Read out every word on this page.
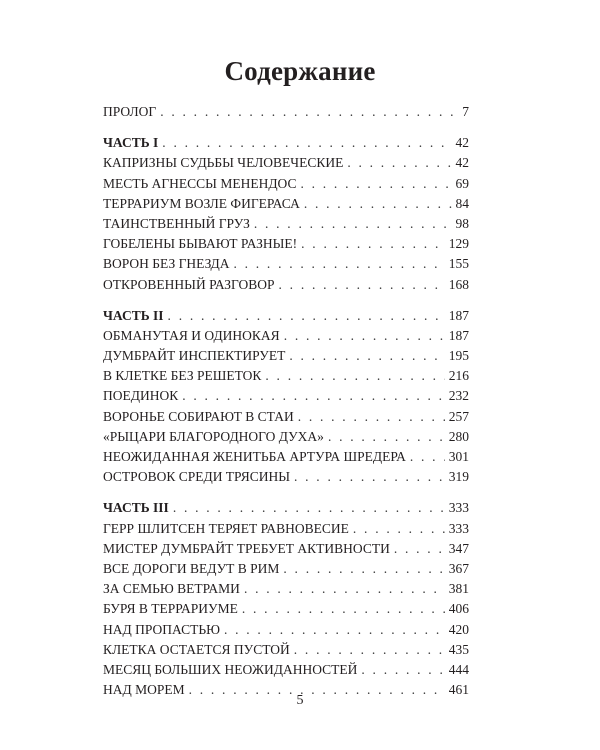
Содержание
ПРОЛОГ . . .	7
ЧАСТЬ I . . .	42
КАПРИЗНЫ СУДЬБЫ ЧЕЛОВЕЧЕСКИЕ . . .	42
МЕСТЬ АГНЕССЫ МЕНЕНДОС . . .	69
ТЕРРАРИУМ ВОЗЛЕ ФИГЕРАСА . . .	84
ТАИНСТВЕННЫЙ ГРУЗ . . .	98
ГОБЕЛЕНЫ БЫВАЮТ РАЗНЫЕ! . . .	129
ВОРОН БЕЗ ГНЕЗДА . . .	155
ОТКРОВЕННЫЙ РАЗГОВОР . . .	168
ЧАСТЬ II . . .	187
ОБМАНУТАЯ И ОДИНОКАЯ . . .	187
ДУМБРАЙТ ИНСПЕКТИРУЕТ . . .	195
В КЛЕТКЕ БЕЗ РЕШЕТОК . . .	216
ПОЕДИНОК . . .	232
ВОРОНЬЕ СОБИРАЮТ В СТАИ . . .	257
«РЫЦАРИ БЛАГОРОДНОГО ДУХА» . . .	280
НЕОЖИДАННАЯ ЖЕНИТЬБА АРТУРА ШРЕДЕРА . . .	301
ОСТРОВОК СРЕДИ ТРЯСИНЫ . . .	319
ЧАСТЬ III . . .	333
ГЕРР ШЛИТСЕН ТЕРЯЕТ РАВНОВЕСИЕ . . .	333
МИСТЕР ДУМБРАЙТ ТРЕБУЕТ АКТИВНОСТИ . . .	347
ВСЕ ДОРОГИ ВЕДУТ В РИМ . . .	367
ЗА СЕМЬЮ ВЕТРАМИ . . .	381
БУРЯ В ТЕРРАРИУМЕ . . .	406
НАД ПРОПАСТЬЮ . . .	420
КЛЕТКА ОСТАЕТСЯ ПУСТОЙ . . .	435
МЕСЯЦ БОЛЬШИХ НЕОЖИДАННОСТЕЙ . . .	444
НАД МОРЕМ . . .	461
5
